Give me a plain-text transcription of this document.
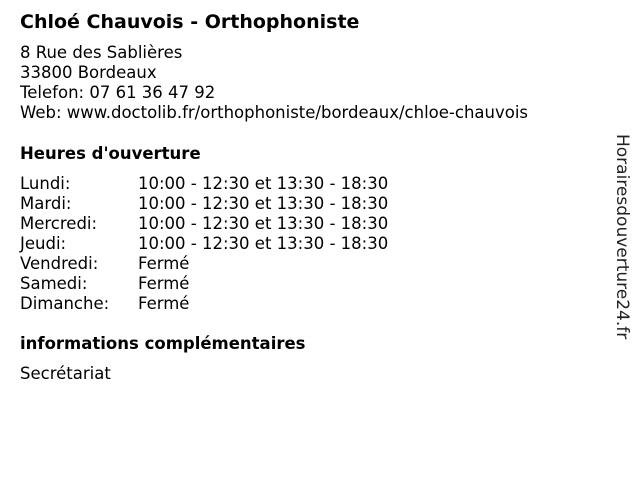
Chloé Chauvois - Orthophoniste
8 Rue des Sablières
33800 Bordeaux
Telefon: 07 61 36 47 92
Web: www.doctolib.fr/orthophoniste/bordeaux/chloe-chauvois
Heures d'ouverture
Lundi:	10:00 - 12:30 et 13:30 - 18:30
Mardi:	10:00 - 12:30 et 13:30 - 18:30
Mercredi:	10:00 - 12:30 et 13:30 - 18:30
Jeudi:	10:00 - 12:30 et 13:30 - 18:30
Vendredi:	Fermé
Samedi:	Fermé
Dimanche:	Fermé
informations complémentaires
Secrétariat
Horairesdouverture24.fr
